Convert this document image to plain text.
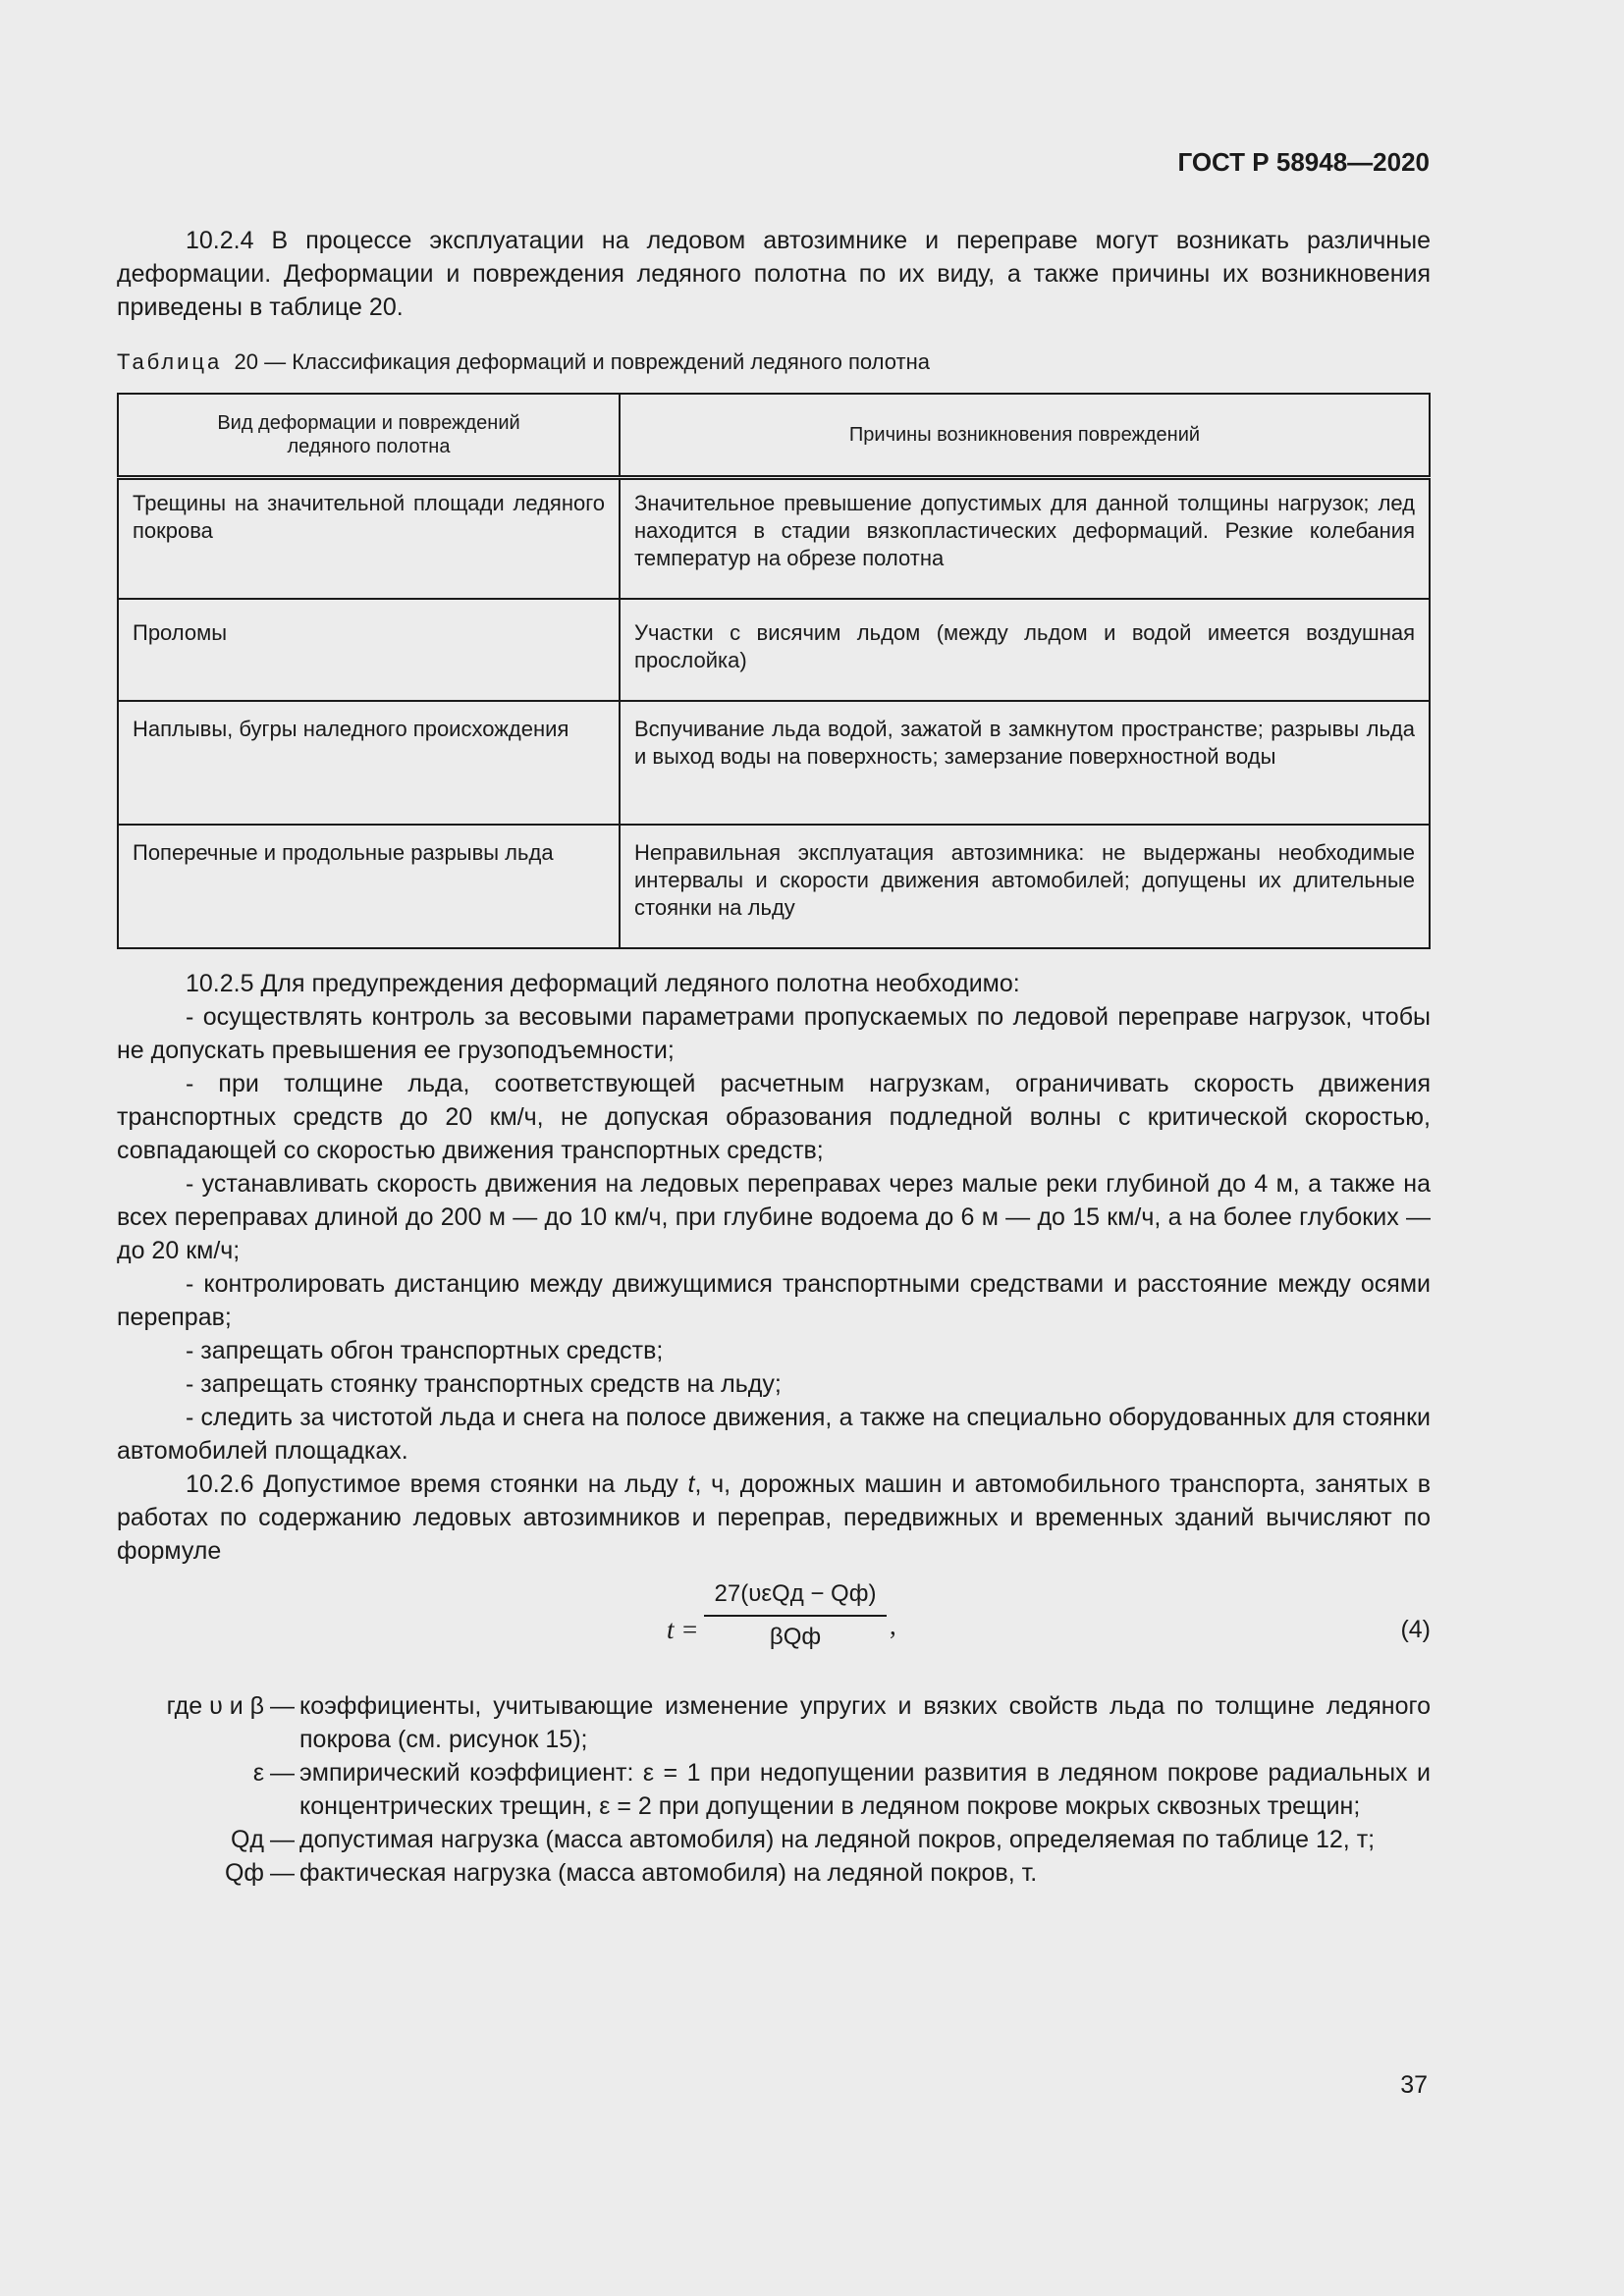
ГОСТ Р 58948—2020

10.2.4 В процессе эксплуатации на ледовом автозимнике и переправе могут возникать различные деформации. Деформации и повреждения ледяного полотна по их виду, а также причины их возникновения приведены в таблице 20.

Таблица 20 — Классификация деформаций и повреждений ледяного полотна

Вид деформации и повреждений ледяного полотна	Причины возникновения повреждений
Трещины на значительной площади ледяного покрова	Значительное превышение допустимых для данной толщины нагрузок; лед находится в стадии вязкопластических деформаций. Резкие колебания температур на обрезе полотна
Проломы	Участки с висячим льдом (между льдом и водой имеется воздушная прослойка)
Наплывы, бугры наледного происхождения	Вспучивание льда водой, зажатой в замкнутом пространстве; разрывы льда и выход воды на поверхность; замерзание поверхностной воды
Поперечные и продольные разрывы льда	Неправильная эксплуатация автозимника: не выдержаны необходимые интервалы и скорости движения автомобилей; допущены их длительные стоянки на льду

10.2.5 Для предупреждения деформаций ледяного полотна необходимо:

- осуществлять контроль за весовыми параметрами пропускаемых по ледовой переправе нагрузок, чтобы не допускать превышения ее грузоподъемности;

- при толщине льда, соответствующей расчетным нагрузкам, ограничивать скорость движения транспортных средств до 20 км/ч, не допуская образования подледной волны с критической скоростью, совпадающей со скоростью движения транспортных средств;

- устанавливать скорость движения на ледовых переправах через малые реки глубиной до 4 м, а также на всех переправах длиной до 200 м — до 10 км/ч, при глубине водоема до 6 м — до 15 км/ч, а на более глубоких — до 20 км/ч;

- контролировать дистанцию между движущимися транспортными средствами и расстояние между осями переправ;

- запрещать обгон транспортных средств;

- запрещать стоянку транспортных средств на льду;

- следить за чистотой льда и снега на полосе движения, а также на специально оборудованных для стоянки автомобилей площадках.

10.2.6 Допустимое время стоянки на льду t, ч, дорожных машин и автомобильного транспорта, занятых в работах по содержанию ледовых автозимников и переправ, передвижных и временных зданий вычисляют по формуле

t =
27(υεQд − Qф)
βQф	,	(4)
где υ и β — коэффициенты, учитывающие изменение упругих и вязких свойств льда по толщине ледяного покрова (см. рисунок 15);
ε — эмпирический коэффициент: ε = 1 при недопущении развития в ледяном покрове радиальных и концентрических трещин, ε = 2 при допущении в ледяном покрове мокрых сквозных трещин;
Qд — допустимая нагрузка (масса автомобиля) на ледяной покров, определяемая по таблице 12, т;
Qф — фактическая нагрузка (масса автомобиля) на ледяной покров, т.
37
